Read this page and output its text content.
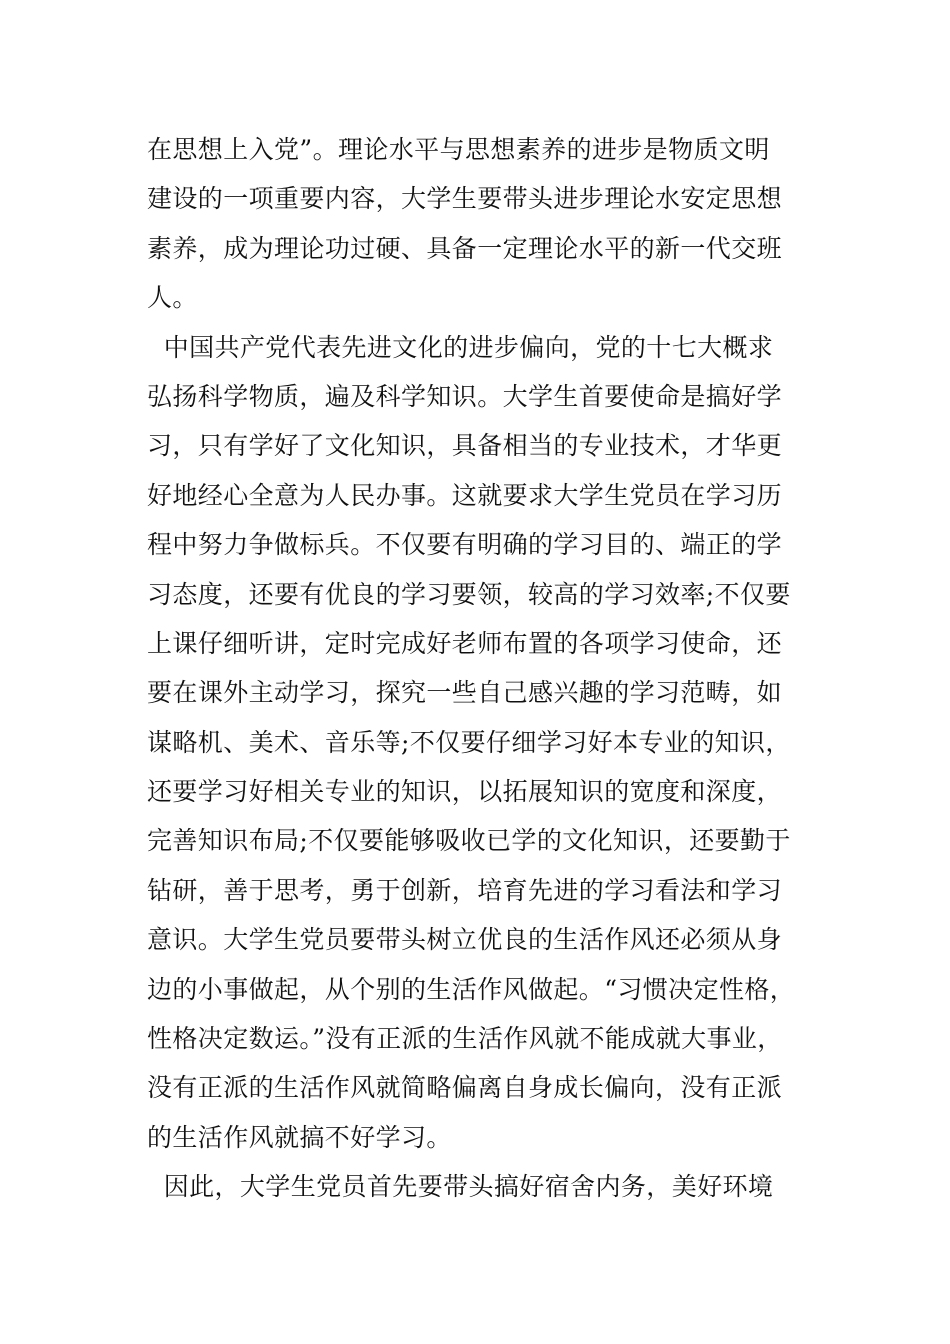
在思想上入党”。理论水平与思想素养的进步是物质文明
建设的一项重要内容，大学生要带头进步理论水安定思想
素养，成为理论功过硬、具备一定理论水平的新一代交班
人。
中国共产党代表先进文化的进步偏向，党的十七大概求
弘扬科学物质，遍及科学知识。大学生首要使命是搞好学
习，只有学好了文化知识，具备相当的专业技术，才华更
好地经心全意为人民办事。这就要求大学生党员在学习历
程中努力争做标兵。不仅要有明确的学习目的、端正的学
习态度，还要有优良的学习要领，较高的学习效率;不仅要
上课仔细听讲，定时完成好老师布置的各项学习使命，还
要在课外主动学习，探究一些自己感兴趣的学习范畴，如
谋略机、美术、音乐等;不仅要仔细学习好本专业的知识，
还要学习好相关专业的知识，以拓展知识的宽度和深度，
完善知识布局;不仅要能够吸收已学的文化知识，还要勤于
钻研，善于思考，勇于创新，培育先进的学习看法和学习
意识。大学生党员要带头树立优良的生活作风还必须从身
边的小事做起，从个别的生活作风做起。“习惯决定性格，
性格决定数运。”没有正派的生活作风就不能成就大事业，
没有正派的生活作风就简略偏离自身成长偏向，没有正派
的生活作风就搞不好学习。
因此，大学生党员首先要带头搞好宿舍内务，美好环境
